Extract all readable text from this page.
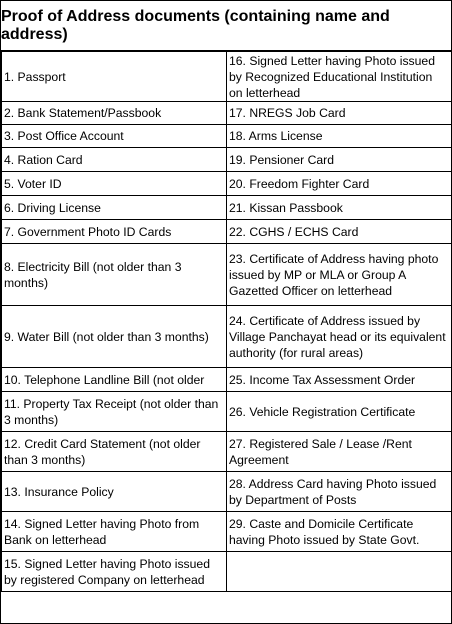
Proof of Address documents (containing name and address)
1. Passport	16. Signed Letter having Photo issued by Recognized Educational Institution on letterhead
2. Bank Statement/Passbook	17. NREGS Job Card
3. Post Office Account	18. Arms License
4. Ration Card	19. Pensioner Card
5. Voter ID	20. Freedom Fighter Card
6. Driving License	21. Kissan Passbook
7. Government Photo ID Cards	22. CGHS / ECHS Card
8. Electricity Bill (not older than 3 months)	23. Certificate of Address having photo issued by MP or MLA or Group A Gazetted Officer on letterhead
9. Water Bill (not older than 3 months)	24. Certificate of Address issued by Village Panchayat head or its equivalent authority (for rural areas)
10. Telephone Landline Bill (not older	25. Income Tax Assessment Order
11. Property Tax Receipt (not older than 3 months)	26. Vehicle Registration Certificate
12. Credit Card Statement (not older than 3 months)	27. Registered Sale / Lease /Rent Agreement
13. Insurance Policy	28. Address Card having Photo issued by Department of Posts
14. Signed Letter having Photo from Bank on letterhead	29. Caste and Domicile Certificate having Photo issued by State Govt.
15. Signed Letter having Photo issued by registered Company on letterhead	
